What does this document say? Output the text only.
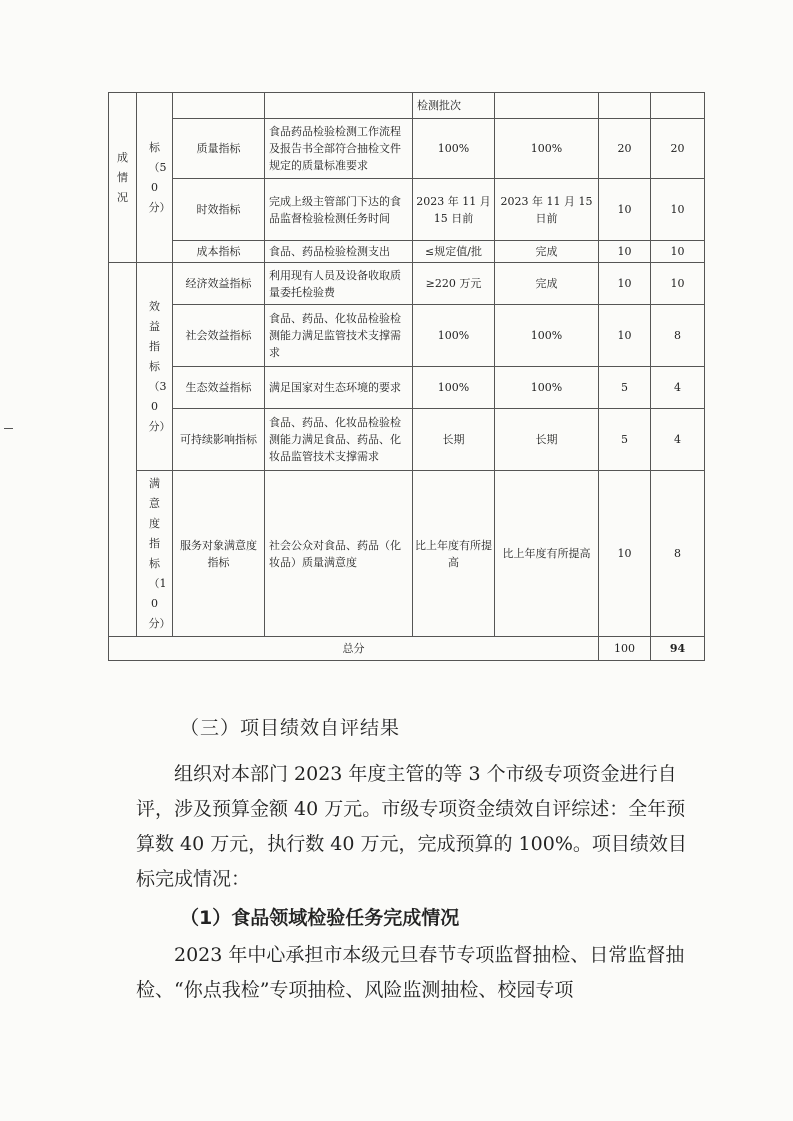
成情况	标（50分）			检测批次			
		质量指标	食品药品检验检测工作流程及报告书全部符合抽检文件规定的质量标准要求	100%	100%	20	20
		时效指标	完成上级主管部门下达的食品监督检验检测任务时间	2023 年 11 月 15 日前	2023 年 11 月 15 日前	10	10
		成本指标	食品、药品检验检测支出	≤规定值/批	完成	10	10

	效益指标（30分）	经济效益指标	利用现有人员及设备收取质量委托检验费	≥220 万元	完成	10	10
		社会效益指标	食品、药品、化妆品检验检测能力满足监管技术支撑需求	100%	100%	10	8
		生态效益指标	满足国家对生态环境的要求	100%	100%	5	4
		可持续影响指标	食品、药品、化妆品检验检测能力满足食品、药品、化妆品监管技术支撑需求	长期	长期	5	4

	满意度指标（10分）	服务对象满意度指标	社会公众对食品、药品（化妆品）质量满意度	比上年度有所提高	比上年度有所提高	10	8
总分						100	94
（三）项目绩效自评结果
组织对本部门 2023 年度主管的等 3 个市级专项资金进行自评，涉及预算金额 40 万元。市级专项资金绩效自评综述：全年预算数 40 万元，执行数 40 万元，完成预算的 100%。项目绩效目标完成情况：
（1）食品领域检验任务完成情况
2023 年中心承担市本级元旦春节专项监督抽检、日常监督抽检、“你点我检”专项抽检、风险监测抽检、校园专项
